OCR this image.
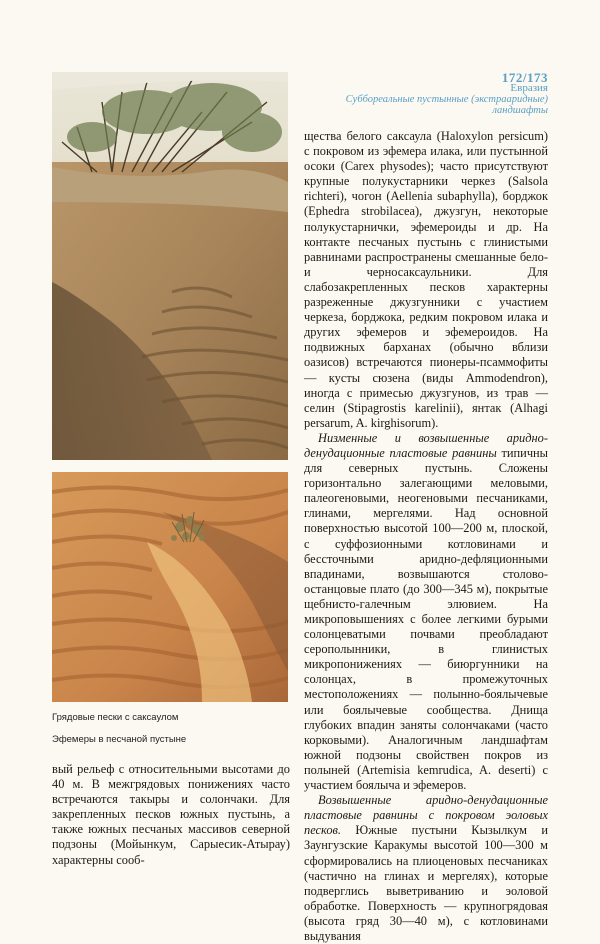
172/173
Евразия
Суббореальные пустынные (экстрааридные) ландшафты
Грядовые пески с саксаулом
Эфемеры в песчаной пустыне

щества белого саксаула (Haloxylon persicum) с покровом из эфемера илака, или пустынной осоки (Carex physodes); часто присутствуют крупные полукустарники черкез (Salsola richteri), чогон (Aellenia subaphylla), борджок (Ephedra strobilacea), джузгун, некоторые полукустарнички, эфемероиды и др. На контакте песчаных пустынь с глинистыми равнинами распространены смешанные бело- и черносаксаульники. Для слабозакрепленных песков характерны разреженные джузгунники с участием черкеза, борджока, редким покровом илака и других эфемеров и эфемероидов. На подвижных барханах (обычно вблизи оазисов) встречаются пионеры-псаммофиты — кусты сюзена (виды Ammodendron), иногда с примесью джузгунов, из трав — селин (Stipagrostis karelinii), янтак (Alhagi persarum, A. kirghisorum).

Низменные и возвышенные аридно-денудационные пластовые равнины типичны для северных пустынь. Сложены горизонтально залегающими меловыми, палеогеновыми, неогеновыми песчаниками, глинами, мергелями. Над основной поверхностью высотой 100—200 м, плоской, с суффозионными котловинами и бессточными аридно-дефляционными впадинами, возвышаются столово-останцовые плато (до 300—345 м), покрытые щебнисто-галечным элювием. На микроповышениях с более легкими бурыми солонцеватыми почвами преобладают серополынники, в глинистых микропонижениях — биюргунники на солонцах, в промежуточных местоположениях — полынно-боялычевые или боялычевые сообщества. Днища глубоких впадин заняты солончаками (часто корковыми). Аналогичным ландшафтам южной подзоны свойствен покров из полыней (Artemisia kemrudica, A. deserti) с участием боялыча и эфемеров.

Возвышенные аридно-денудационные пластовые равнины с покровом эоловых песков. Южные пустыни Кызылкум и Заунгузские Каракумы высотой 100—300 м сформировались на плиоценовых песчаниках (частично на глинах и мергелях), которые подверглись выветриванию и эоловой обработке. Поверхность — крупногрядовая (высота гряд 30—40 м), с котловинами выдувания

вый рельеф с относительными высотами до 40 м. В межгрядовых понижениях часто встречаются такыры и солончаки. Для закрепленных песков южных пустынь, а также южных песчаных массивов северной подзоны (Мойынкум, Сарыесик-Атырау) характерны сооб-
